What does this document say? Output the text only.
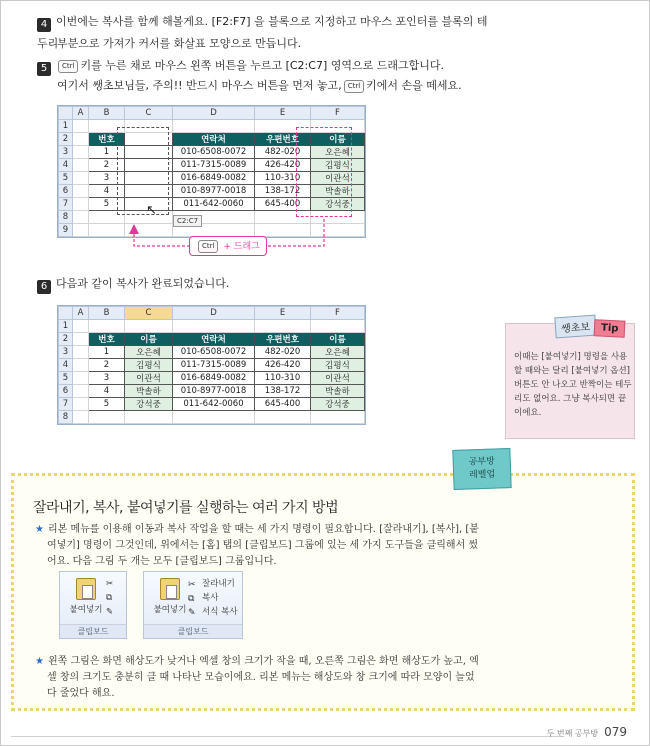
4 이번에는 복사를 함께 해볼게요. [F2:F7] 을 블록으로 지정하고 마우스 포인터를 블록의 테두리
부분으로 가져가 커서를 화살표 모양으로 만듭니다.
5 Ctrl 키를 누른 채로 마우스 왼쪽 버튼을 누르고 [C2:C7] 영역으로 드래그합니다.
여기서 쌩초보님들, 주의!! 반드시 마우스 버튼을 먼저 놓고, Ctrl 키에서 손을 떼세요.
	A	B	C	D	E	F
1						
2		번호		연락처	우편번호	이름
3		1		010-6508-0072	482-020	오은혜
4		2		011-7315-0089	426-420	김평식
5		3		016-6849-0082	110-310	이관석
6		4		010-8977-0018	138-172	박솔하
7		5		011-642-0060	645-400	강석중
8						
9						
↖
C2:C7
Ctrl + 드래그
6 다음과 같이 복사가 완료되었습니다.
	A	B	C	D	E	F
1						
2		번호	이름	연락처	우편번호	이름
3		1	오은혜	010-6508-0072	482-020	오은혜
4		2	김평식	011-7315-0089	426-420	김평식
5		3	이관석	016-6849-0082	110-310	이관석
6		4	박솔하	010-8977-0018	138-172	박솔하
7		5	강석중	011-642-0060	645-400	강석중
8						
쌩초보 Tip
이때는 [붙여넣기] 명령을 사용할 때와는 달리 [붙여넣기 옵션] 버튼도 안 나오고 반짝이는 테두리도 없어요. 그냥 복사되면 끝이에요.
공부방
레벨업
잘라내기, 복사, 붙여넣기를 실행하는 여러 가지 방법
★ 리본 메뉴를 이용해 이동과 복사 작업을 할 때는 세 가지 명령이 필요합니다. [잘라내기], [복사], [붙
여넣기] 명령이 그것인데, 위에서는 [홈] 탭의 [클립보드] 그룹에 있는 세 가지 도구들을 클릭해서 썼
어요. 다음 그림 두 개는 모두 [클립보드] 그룹입니다.
붙여넣기
✂
⧉
✎
클립보드
붙여넣기
✂ 잘라내기
⧉ 복사
✎ 서식 복사
클립보드
★ 왼쪽 그림은 화면 해상도가 낮거나 엑셀 창의 크기가 작을 때, 오른쪽 그림은 화면 해상도가 높고, 엑
셀 창의 크기도 충분히 클 때 나타난 모습이에요. 리본 메뉴는 해상도와 창 크기에 따라 모양이 늘었
다 줄었다 해요.
두 번째 공부방 079
